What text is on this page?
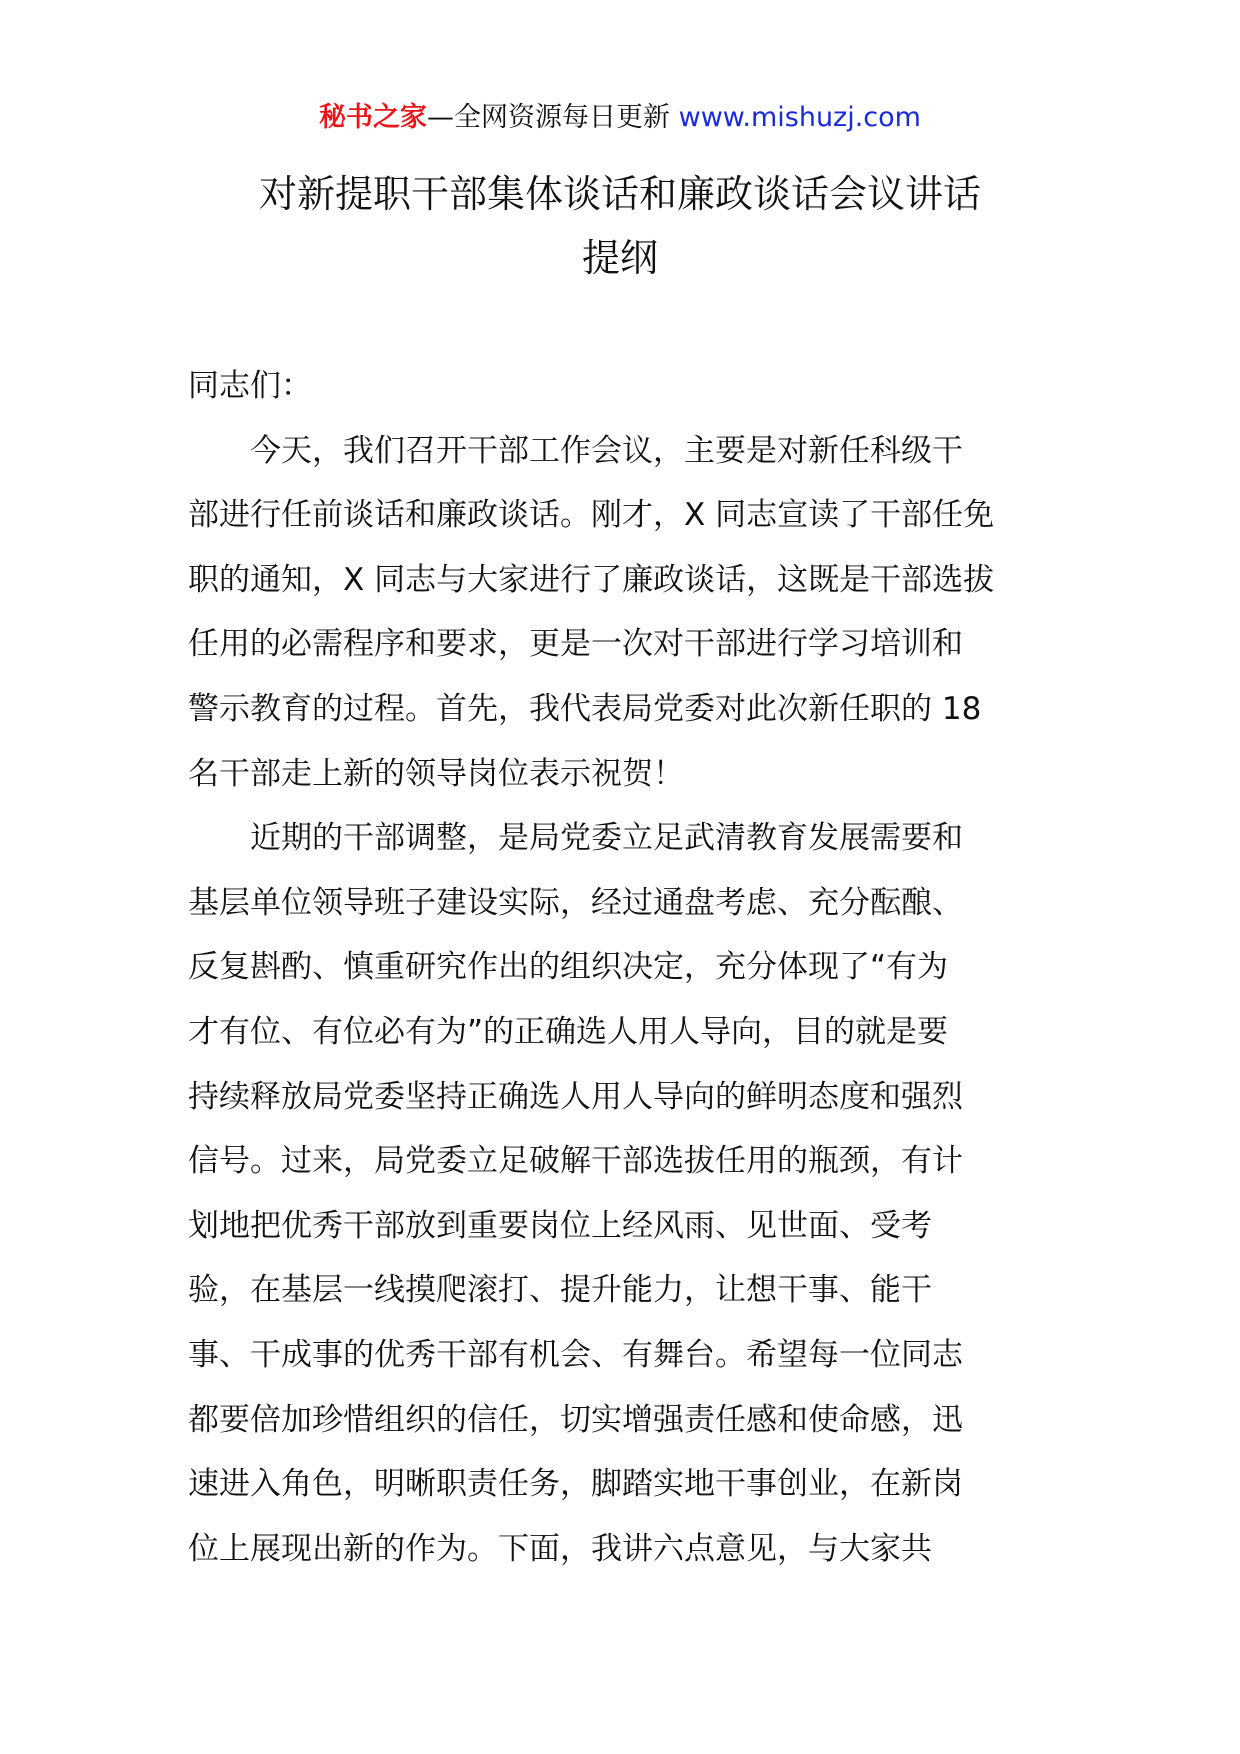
秘书之家—全网资源每日更新 www.mishuzj.com
对新提职干部集体谈话和廉政谈话会议讲话
提纲
同志们：
今天，我们召开干部工作会议，主要是对新任科级干
部进行任前谈话和廉政谈话。刚才，X 同志宣读了干部任免
职的通知，X 同志与大家进行了廉政谈话，这既是干部选拔
任用的必需程序和要求，更是一次对干部进行学习培训和
警示教育的过程。首先，我代表局党委对此次新任职的 18
名干部走上新的领导岗位表示祝贺！
近期的干部调整，是局党委立足武清教育发展需要和
基层单位领导班子建设实际，经过通盘考虑、充分酝酿、
反复斟酌、慎重研究作出的组织决定，充分体现了“有为
才有位、有位必有为”的正确选人用人导向，目的就是要
持续释放局党委坚持正确选人用人导向的鲜明态度和强烈
信号。过来，局党委立足破解干部选拔任用的瓶颈，有计
划地把优秀干部放到重要岗位上经风雨、见世面、受考
验，在基层一线摸爬滚打、提升能力，让想干事、能干
事、干成事的优秀干部有机会、有舞台。希望每一位同志
都要倍加珍惜组织的信任，切实增强责任感和使命感，迅
速进入角色，明晰职责任务，脚踏实地干事创业，在新岗
位上展现出新的作为。下面，我讲六点意见，与大家共
